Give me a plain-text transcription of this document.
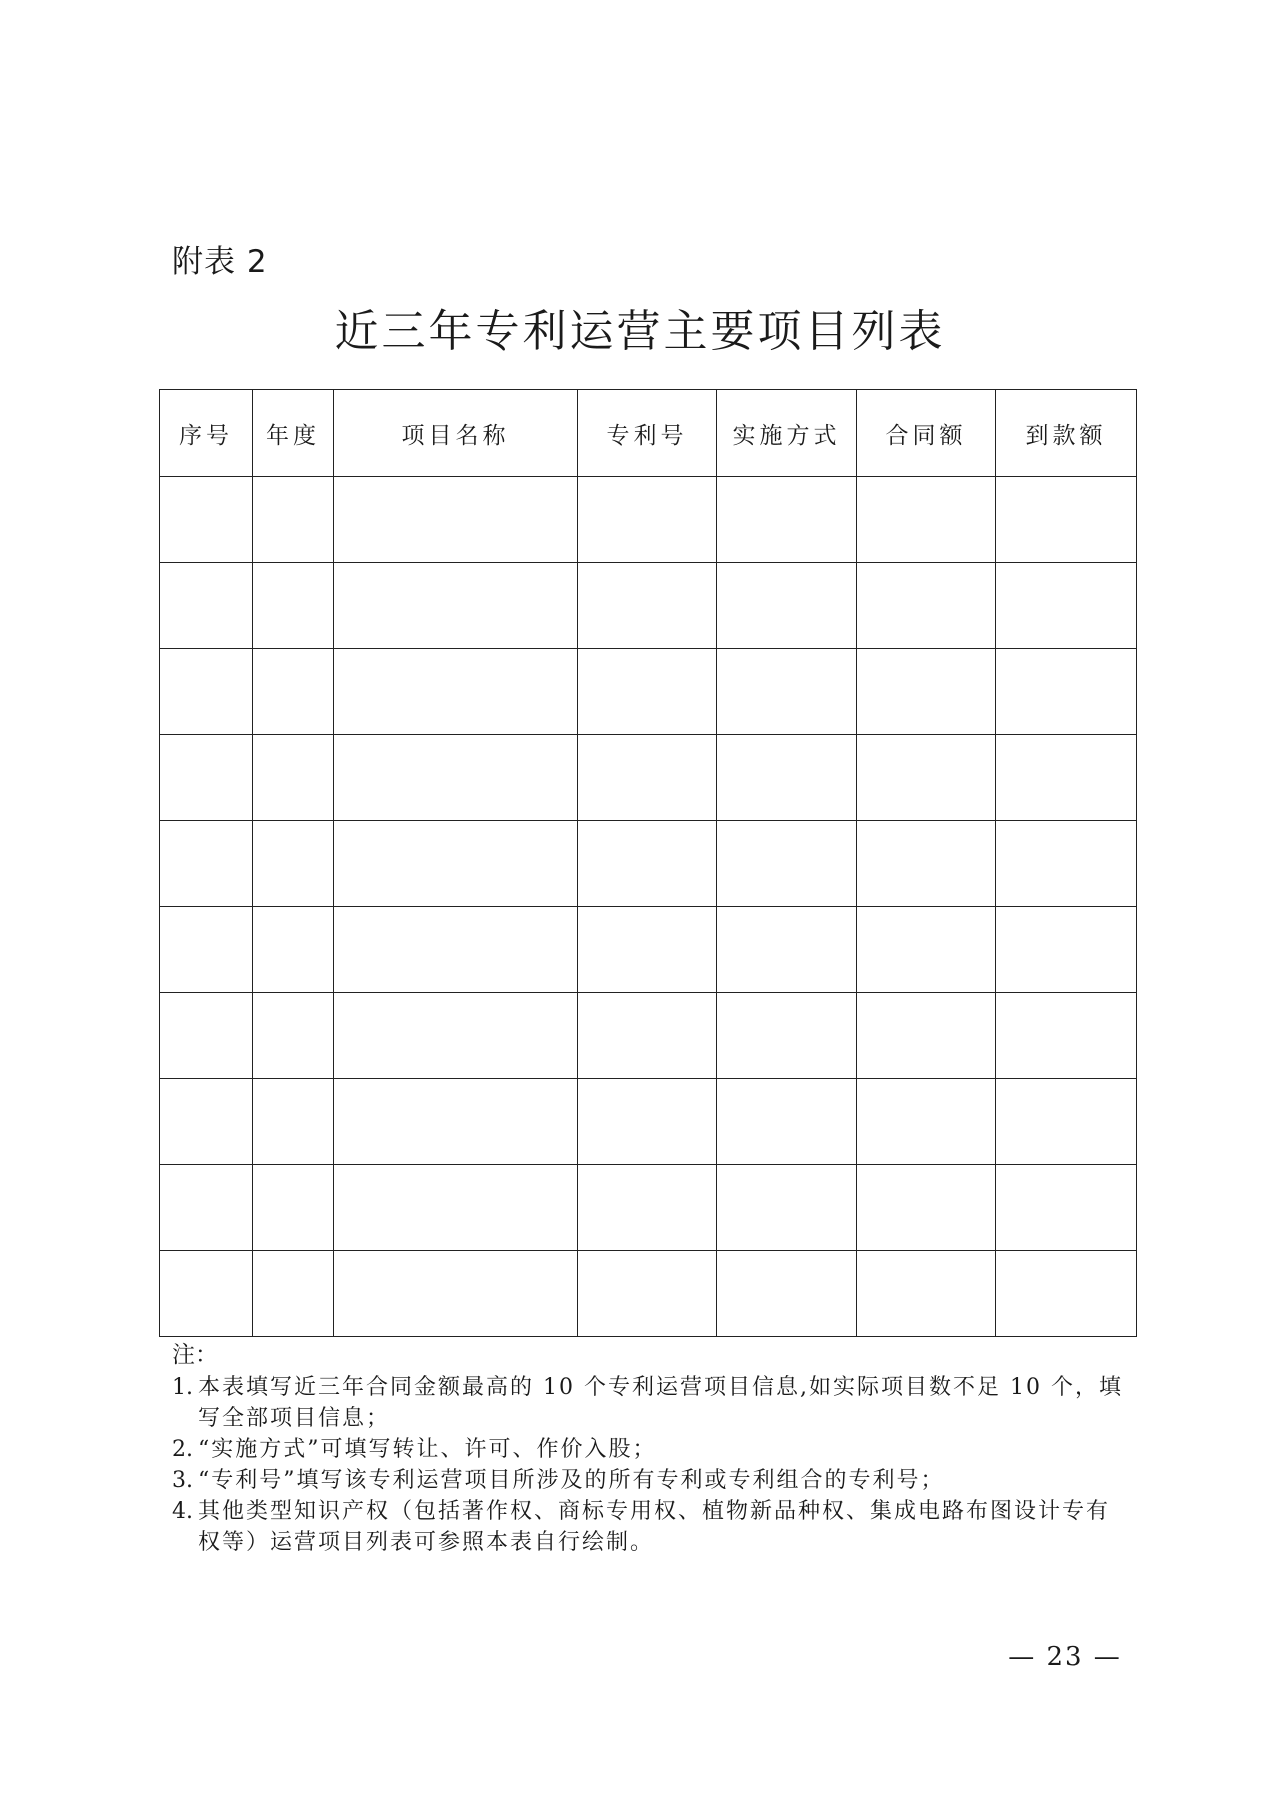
附表 2
近三年专利运营主要项目列表
序号	年度	项目名称	专利号	实施方式	合同额	到款额

注：
1. 本表填写近三年合同金额最高的 10 个专利运营项目信息,如实际项目数不足 10 个，填写全部项目信息；
2. “实施方式”可填写转让、许可、作价入股；
3. “专利号”填写该专利运营项目所涉及的所有专利或专利组合的专利号；
4. 其他类型知识产权（包括著作权、商标专用权、植物新品种权、集成电路布图设计专有权等）运营项目列表可参照本表自行绘制。
— 23 —
